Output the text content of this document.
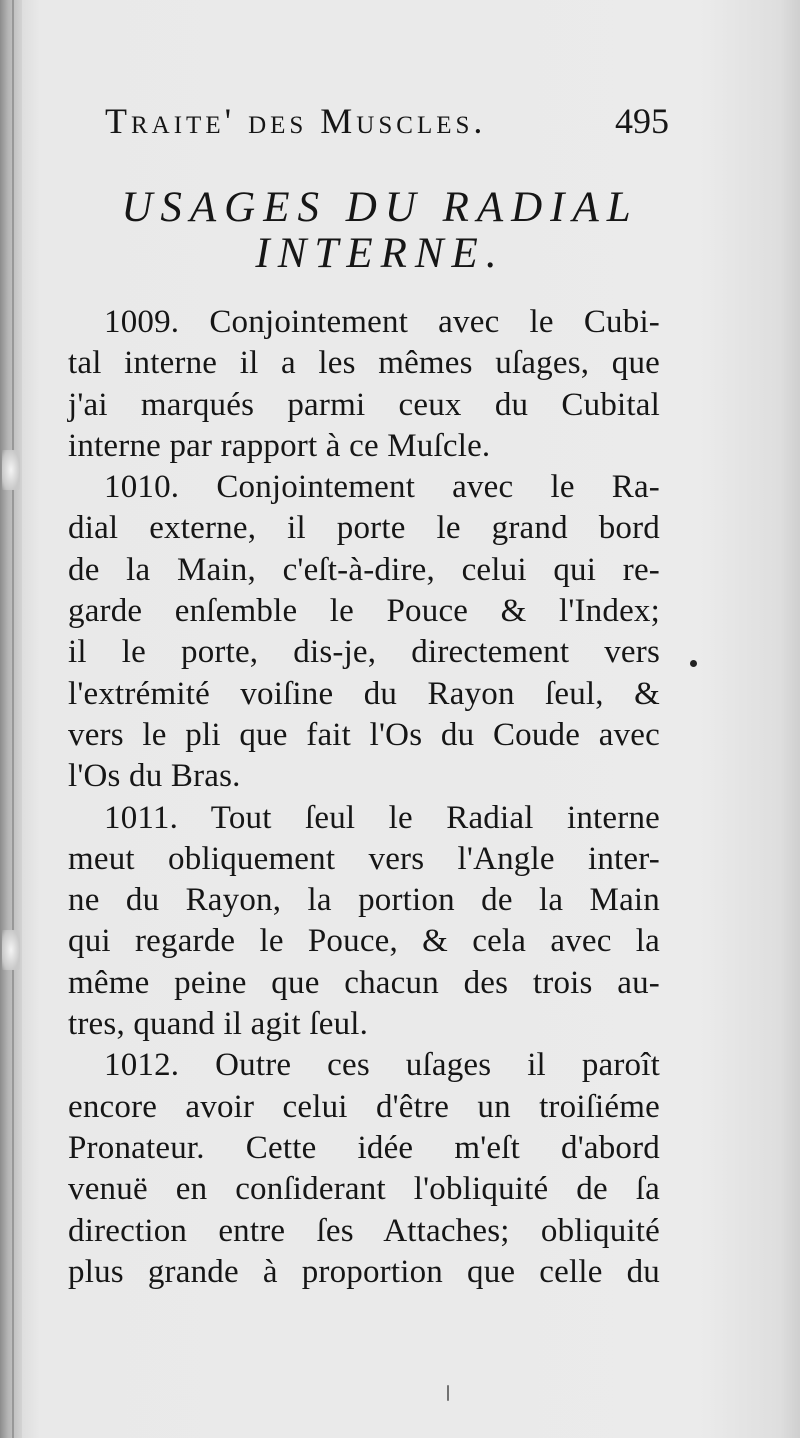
Traite' des Muscles.	495
USAGES DU RADIAL
INTERNE.
1009. Conjointement avec le Cubi-
tal interne il a les mêmes uſages, que
j'ai marqués parmi ceux du Cubital
interne par rapport à ce Muſcle.
1010. Conjointement avec le Ra-
dial externe, il porte le grand bord
de la Main, c'eſt-à-dire, celui qui re-
garde enſemble le Pouce & l'Index;
il le porte, dis-je, directement vers
l'extrémité voiſine du Rayon ſeul, &
vers le pli que fait l'Os du Coude avec
l'Os du Bras.
1011. Tout ſeul le Radial interne
meut obliquement vers l'Angle inter-
ne du Rayon, la portion de la Main
qui regarde le Pouce, & cela avec la
même peine que chacun des trois au-
tres, quand il agit ſeul.
1012. Outre ces uſages il paroît
encore avoir celui d'être un troiſiéme
Pronateur. Cette idée m'eſt d'abord
venuë en conſiderant l'obliquité de ſa
direction entre ſes Attaches; obliquité
plus grande à proportion que celle du
